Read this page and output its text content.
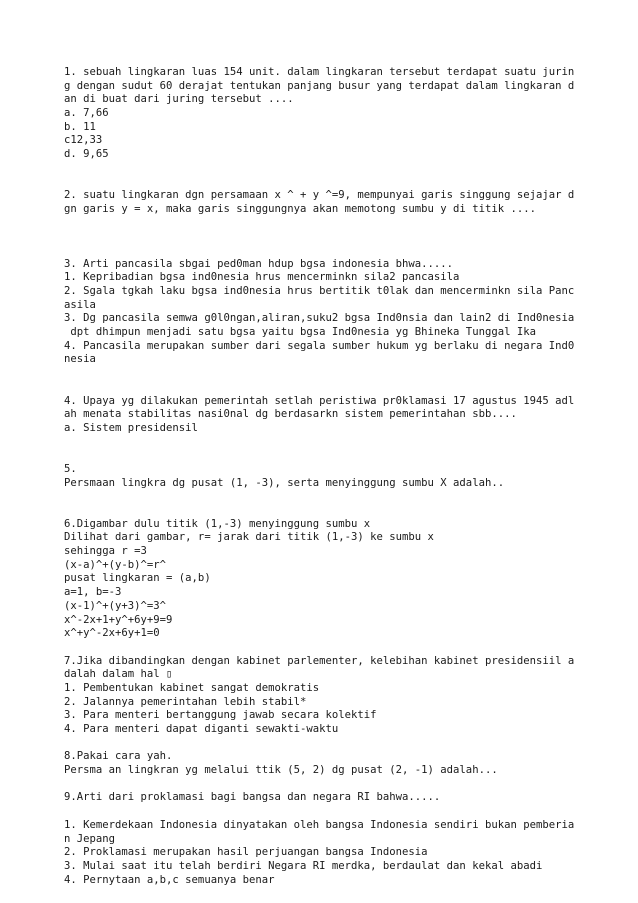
1. sebuah lingkaran luas 154 unit. dalam lingkaran tersebut terdapat suatu jurin
g dengan sudut 60 derajat tentukan panjang busur yang terdapat dalam lingkaran d
an di buat dari juring tersebut ....
a. 7,66
b. 11
c12,33
d. 9,65
2. suatu lingkaran dgn persamaan x ^ + y ^=9, mempunyai garis singgung sejajar d
gn garis y = x, maka garis singgungnya akan memotong sumbu y di titik ....
3. Arti pancasila sbgai ped0man hdup bgsa indonesia bhwa.....
1. Kepribadian bgsa ind0nesia hrus mencerminkn sila2 pancasila
2. Sgala tgkah laku bgsa ind0nesia hrus bertitik t0lak dan mencerminkn sila Panc
asila
3. Dg pancasila semwa g0l0ngan,aliran,suku2 bgsa Ind0nsia dan lain2 di Ind0nesia
dpt dhimpun menjadi satu bgsa yaitu bgsa Ind0nesia yg Bhineka Tunggal Ika
4. Pancasila merupakan sumber dari segala sumber hukum yg berlaku di negara Ind0
nesia
4. Upaya yg dilakukan pemerintah setlah peristiwa pr0klamasi 17 agustus 1945 adl
ah menata stabilitas nasi0nal dg berdasarkn sistem pemerintahan sbb....
a. Sistem presidensil
5.
Persmaan lingkra dg pusat (1, -3), serta menyinggung sumbu X adalah..
6.Digambar dulu titik (1,-3) menyinggung sumbu x
Dilihat dari gambar, r= jarak dari titik (1,-3) ke sumbu x
sehingga r =3
(x-a)^+(y-b)^=r^
pusat lingkaran = (a,b)
a=1, b=-3
(x-1)^+(y+3)^=3^
x^-2x+1+y^+6y+9=9
x^+y^-2x+6y+1=0
7.Jika dibandingkan dengan kabinet parlementer, kelebihan kabinet presidensiil a
dalah dalam hal ▯
1. Pembentukan kabinet sangat demokratis
2. Jalannya pemerintahan lebih stabil*
3. Para menteri bertanggung jawab secara kolektif
4. Para menteri dapat diganti sewakti-waktu
8.Pakai cara yah.
Persma an lingkran yg melalui ttik (5, 2) dg pusat (2, -1) adalah...
9.Arti dari proklamasi bagi bangsa dan negara RI bahwa.....
1. Kemerdekaan Indonesia dinyatakan oleh bangsa Indonesia sendiri bukan pemberia
n Jepang
2. Proklamasi merupakan hasil perjuangan bangsa Indonesia
3. Mulai saat itu telah berdiri Negara RI merdka, berdaulat dan kekal abadi
4. Pernytaan a,b,c semuanya benar
